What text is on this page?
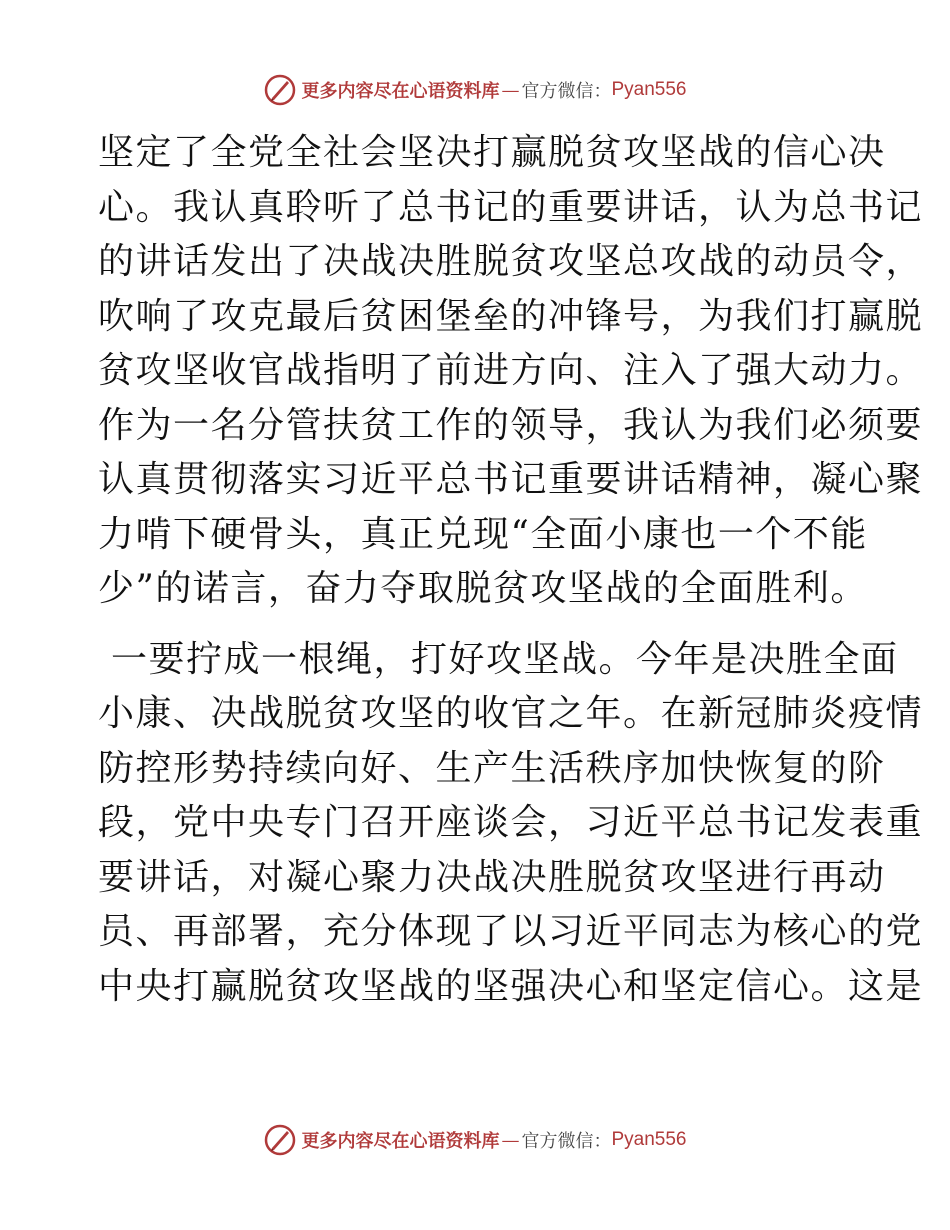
更多内容尽在心语资料库 — 官方微信： Pyan556
坚定了全党全社会坚决打赢脱贫攻坚战的信心决
心。我认真聆听了总书记的重要讲话，认为总书记
的讲话发出了决战决胜脱贫攻坚总攻战的动员令，
吹响了攻克最后贫困堡垒的冲锋号，为我们打赢脱
贫攻坚收官战指明了前进方向、注入了强大动力。
作为一名分管扶贫工作的领导，我认为我们必须要
认真贯彻落实习近平总书记重要讲话精神，凝心聚
力啃下硬骨头，真正兑现“全面小康也一个不能
少”的诺言，奋力夺取脱贫攻坚战的全面胜利。
一要拧成一根绳，打好攻坚战。今年是决胜全面
小康、决战脱贫攻坚的收官之年。在新冠肺炎疫情
防控形势持续向好、生产生活秩序加快恢复的阶
段，党中央专门召开座谈会，习近平总书记发表重
要讲话，对凝心聚力决战决胜脱贫攻坚进行再动
员、再部署，充分体现了以习近平同志为核心的党
中央打赢脱贫攻坚战的坚强决心和坚定信心。这是
更多内容尽在心语资料库 — 官方微信： Pyan556
